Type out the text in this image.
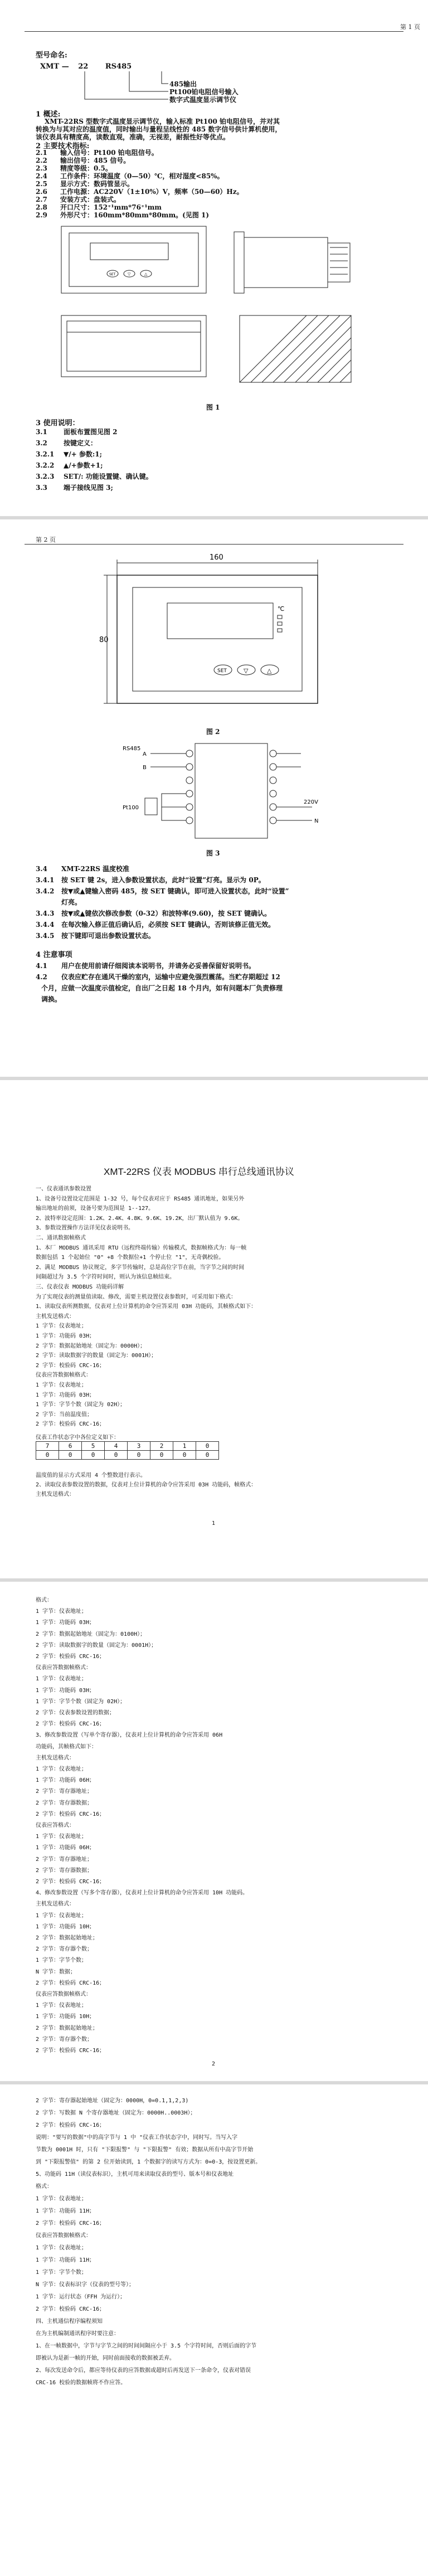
第 1 页
型号命名:
XMT — 22 RS485
485输出
Pt100铂电阻信号输入
数字式温度显示调节仪
1 概述:
XMT-22RS 型数字式温度显示调节仪，输入标准 Pt100 铂电阻信号，并对其
转换为与其对应的温度值，同时输出与量程呈线性的 485 数字信号供计算机使用，
该仪表具有精度高，读数直观，准确，无视差，耐振性好等优点。
2 主要技术指标:
2.1 输入信号：Pt100 铂电阻信号。
2.2 输出信号：485 信号。
2.3 精度等级：0.5。
2.4 工作条件：环境温度（0—50）℃，相对湿度<85%。
2.5 显示方式：数码管显示。
2.6 工作电源：AC220V（1±10%）V，频率（50—60）Hz。
2.7 安装方式：盘装式。
2.8 开口尺寸：152⁺¹mm*76⁺¹mm
2.9 外形尺寸：160mm*80mm*80mm。(见图 1)
SET	▽	△
图 1
3 使用说明：
3.1 面板布置图见图 2
3.2 按键定义：
3.2.1 ▼/+ 参数:1;
3.2.2 ▲/+参数+1;
3.2.3 SET/: 功能设置键、确认键。
3.3 端子接线见图 3;
第 2 页
160
℃
80
SET	▽	△
图 2
RS485
A
B
Pt100
220V
N
图 3
3.4 XMT-22RS 温度校准
3.4.1 按 SET 键 2s，进入参数设置状态，此时“设置”灯亮。显示为 0P。
3.4.2 按▼或▲键输入密码 485，按 SET 键确认，即可进入设置状态，此时“设置”
灯亮。
3.4.3 按▼或▲键依次修改参数（0-32）和波特率(9.60)，按 SET 键确认。
3.4.4 在每次输入修正值后确认后，必须按 SET 键确认，否则该修正值无效。
3.4.5 按下键即可退出参数设置状态。
4 注意事项
4.1 用户在使用前请仔细阅读本说明书，并请务必妥善保留好说明书。
4.2 仪表应贮存在通风干燥的室内，运输中应避免强烈震荡。当贮存期超过 12
个月，应做一次温度示值检定，自出厂之日起 18 个月内，如有问题本厂负责修理
调换。
XMT-22RS 仪表 MODBUS 串行总线通讯协议
一、仪表通讯参数设置
1、设备号设置设定范围是 1-32 号，每个仪表对应于 RS485 通讯地址，如果另外
输出地址的前须，设备号要为范围是 1--127。
2、波特率设定范围：1.2K、2.4K、4.8K、9.6K、19.2K，出厂默认值为 9.6K。
3、参数设置操作方法详见仪表说明书。
二、通讯数据帧格式
1、本厂 MODBUS 通讯采用 RTU（远程终端传输）传输模式，数据帧格式为：每一帧
数据包括 1 个起始位 "0" +8 个数据位+1 个停止位 "1"，无奇偶校验。
2、满足 MODBUS 协议规定，多字节传输时，总是高位字节在前，当字节之间的时间
间隔超过为 3.5 个字符时间时，则认为该信息帧结束。
三、仪表仪表 MODBUS 功能码详解
为了实现仪表的测量值读取、修改，需要主机设置仪表参数时，可采用如下格式：
1、读取仪表所测数据，仪表对上位计算机的命令应答采用 03H 功能码，其帧格式如下：
主机发送格式：
1 字节：仪表地址；
1 字节：功能码 03H；
2 字节：数据起始地址（固定为：0000H）；
2 字节：读取数据字的数量（固定为：0001H）；
2 字节：校验码 CRC-16；
仪表应答数据帧格式：
1 字节：仪表地址；
1 字节：功能码 03H；
1 字节：字节个数（固定为 02H）；
2 字节：当前温度值；
2 字节：校验码 CRC-16；
仪表工作状态字中各位定义如下：
7	6	5	4	3	2	1	0
0	0	0	0	0	0	0	0
温度值的显示方式采用 4 个整数进行表示。
2、读取仪表参数设置的数据，仪表对上位计算机的命令应答采用 03H 功能码，帧格式：
主机发送格式：
1
格式：
1 字节：仪表地址；
1 字节：功能码 03H；
2 字节：数据起始地址（固定为：0100H）；
2 字节：读取数据字的数量（固定为：0001H）；
2 字节：校验码 CRC-16；
仪表应答数据帧格式：
1 字节：仪表地址；
1 字节：功能码 03H；
1 字节：字节个数（固定为 02H）；
2 字节：仪表参数设置的数据；
2 字节：校验码 CRC-16；
3、修改参数设置（写单个寄存器），仪表对上位计算机的命令应答采用 06H
功能码，其帧格式如下：
主机发送格式：
1 字节：仪表地址；
1 字节：功能码 06H；
2 字节：寄存器地址；
2 字节：寄存器数据；
2 字节：校验码 CRC-16；
仪表应答格式：
1 字节：仪表地址；
1 字节：功能码 06H；
2 字节：寄存器地址；
2 字节：寄存器数据；
2 字节：校验码 CRC-16；
4、修改参数设置（写多个寄存器），仪表对上位计算机的命令应答采用 10H 功能码。
主机发送格式：
1 字节：仪表地址；
1 字节：功能码 10H；
2 字节：数据起始地址；
2 字节：寄存器个数；
1 字节：字节个数；
N 字节：数据；
2 字节：校验码 CRC-16；
仪表应答数据帧格式：
1 字节：仪表地址；
1 字节：功能码 10H；
2 字节：数据起始地址；
2 字节：寄存器个数；
2 字节：校验码 CRC-16；
2
2 字节：寄存器起始地址（固定为：0000H，0=0.1,1,2,3)
2 字节：写数据 N 个寄存器地址（固定为：0000H..0003H）；
2 字节：校验码 CRC-16；
说明："要写的数据"中的高字节与 1 中 "仪表工作状态字中，同时写。当写入字
节数为 0001H 时，只有 "下限报警" 与 "下限报警" 有效；数据从所有中高字节开始
到 "下限报警值" 的第 2 位开始读到，1 个数据字的读写方式为：0=0-3，按设置更新。
5、功能码 11H（读仪表标识），主机可用来读取仪表的型号、版本号和仪表地址
格式：
1 字节：仪表地址；
1 字节：功能码 11H；
2 字节：校验码 CRC-16；
仪表应答数据帧格式：
1 字节：仪表地址；
1 字节：功能码 11H；
1 字节：字节个数；
N 字节：仪表标识字（仪表的型号等）；
1 字节：运行状态（FFH 为运行）；
2 字节：校验码 CRC-16；
四、主机通信程序编程须知
在为主机编制通讯程序时要注意：
1、在一帧数据中，字节与字节之间的时间间隔应小于 3.5 个字符时间，否则后面的字节
即被认为是新一帧的开始，同时前面接收的数据被丢弃。
2、每次发送命令后，都应等待仪表的应答数据或超时后再发送下一条命令，仪表对错误
CRC-16 校验的数据帧将不作应答。
